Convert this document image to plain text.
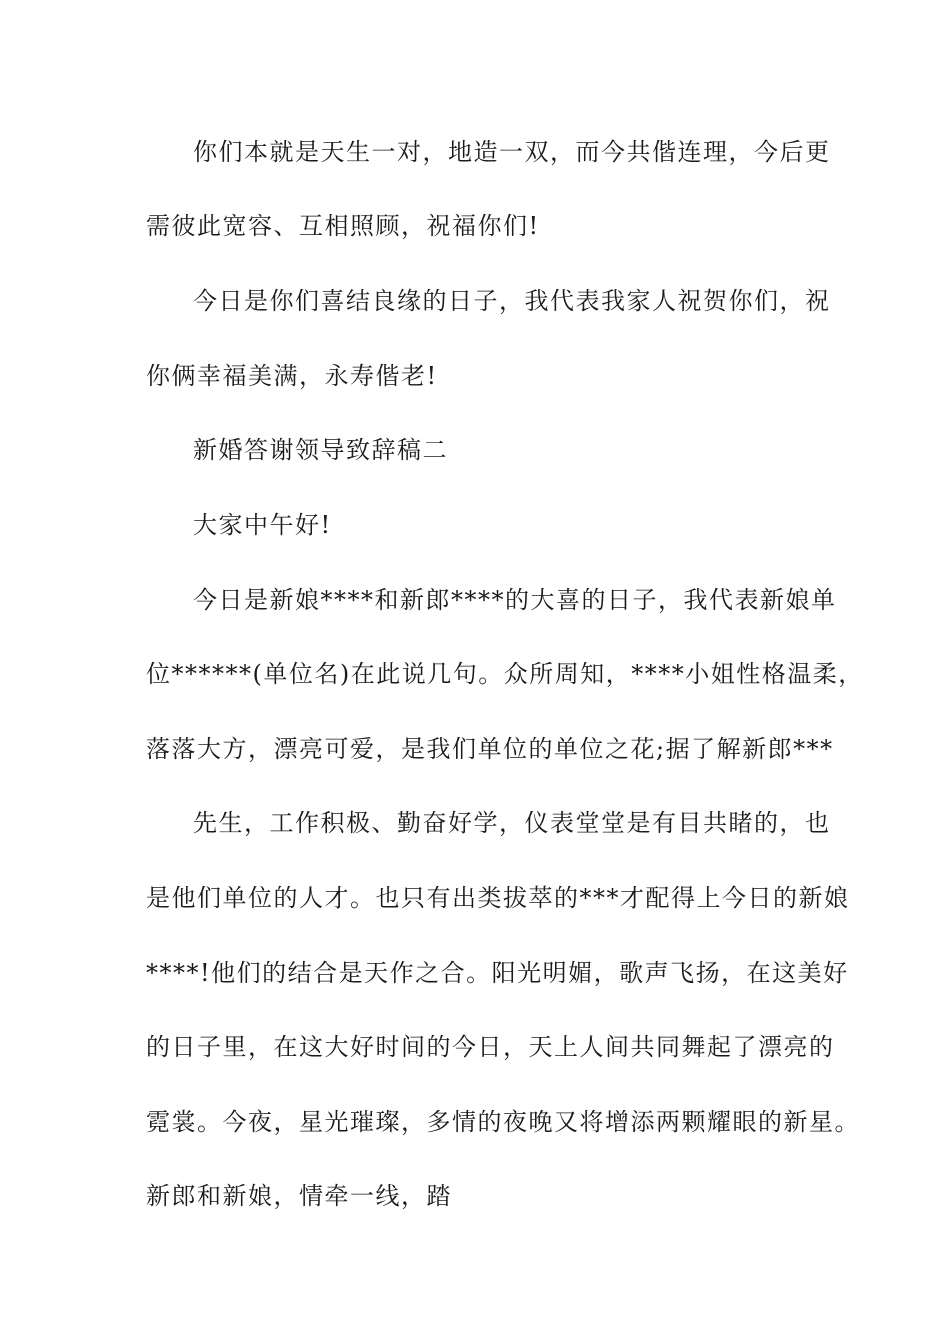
你们本就是天生一对，地造一双，而今共偕连理，今后更
需彼此宽容、互相照顾，祝福你们!
今日是你们喜结良缘的日子，我代表我家人祝贺你们，祝
你俩幸福美满，永寿偕老!
新婚答谢领导致辞稿二
大家中午好!
今日是新娘****和新郎****的大喜的日子，我代表新娘单
位******(单位名)在此说几句。众所周知，****小姐性格温柔，
落落大方，漂亮可爱，是我们单位的单位之花;据了解新郎***
先生，工作积极、勤奋好学，仪表堂堂是有目共睹的，也
是他们单位的人才。也只有出类拔萃的***才配得上今日的新娘
****!他们的结合是天作之合。阳光明媚，歌声飞扬，在这美好
的日子里，在这大好时间的今日，天上人间共同舞起了漂亮的
霓裳。今夜，星光璀璨，多情的夜晚又将增添两颗耀眼的新星。
新郎和新娘，情牵一线，踏
